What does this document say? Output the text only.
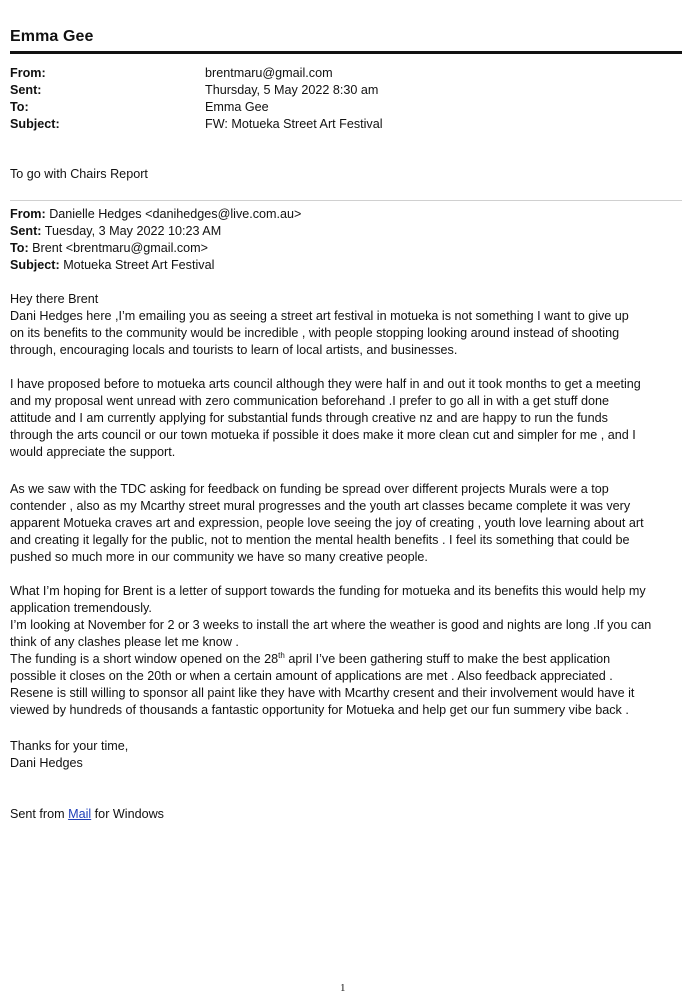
Emma Gee
From:	brentmaru@gmail.com
Sent:	Thursday, 5 May 2022 8:30 am
To:	Emma Gee
Subject:	FW: Motueka Street Art Festival
To go with Chairs Report
From: Danielle Hedges <danihedges@live.com.au>
Sent: Tuesday, 3 May 2022 10:23 AM
To: Brent <brentmaru@gmail.com>
Subject: Motueka Street Art Festival
Hey there Brent
Dani Hedges here ,I’m emailing you as seeing a street art festival in motueka is not something I want to give up
on its benefits to the community would be incredible , with people stopping looking around instead of shooting
through, encouraging locals and tourists to learn of local artists, and businesses.
I have proposed before to motueka arts council although they were half in and out it took months to get a meeting
and my proposal went unread with zero communication beforehand .I prefer to go all in with a get stuff done
attitude and I am currently applying for substantial funds through creative nz and are happy to run the funds
through the arts council or our town motueka if possible it does make it more clean cut and simpler for me , and I
would appreciate the support.
As we saw with the TDC asking for feedback on funding be spread over different projects Murals were a top
contender , also as my Mcarthy street mural progresses and the youth art classes became complete it was very
apparent Motueka craves art and expression, people love seeing the joy of creating , youth love learning about art
and creating it legally for the public, not to mention the mental health benefits . I feel its something that could be
pushed so much more in our community we have so many creative people.
What I’m hoping for Brent is a letter of support towards the funding for motueka and its benefits this would help my
application tremendously.
I’m looking at November for 2 or 3 weeks to install the art where the weather is good and nights are long .If you can
think of any clashes please let me know .
The funding is a short window opened on the 28th april I’ve been gathering stuff to make the best application
possible it closes on the 20th or when a certain amount of applications are met . Also feedback appreciated .
Resene is still willing to sponsor all paint like they have with Mcarthy cresent and their involvement would have it
viewed by hundreds of thousands a fantastic opportunity for Motueka and help get our fun summery vibe back .
Thanks for your time,
Dani Hedges
Sent from Mail for Windows
1
